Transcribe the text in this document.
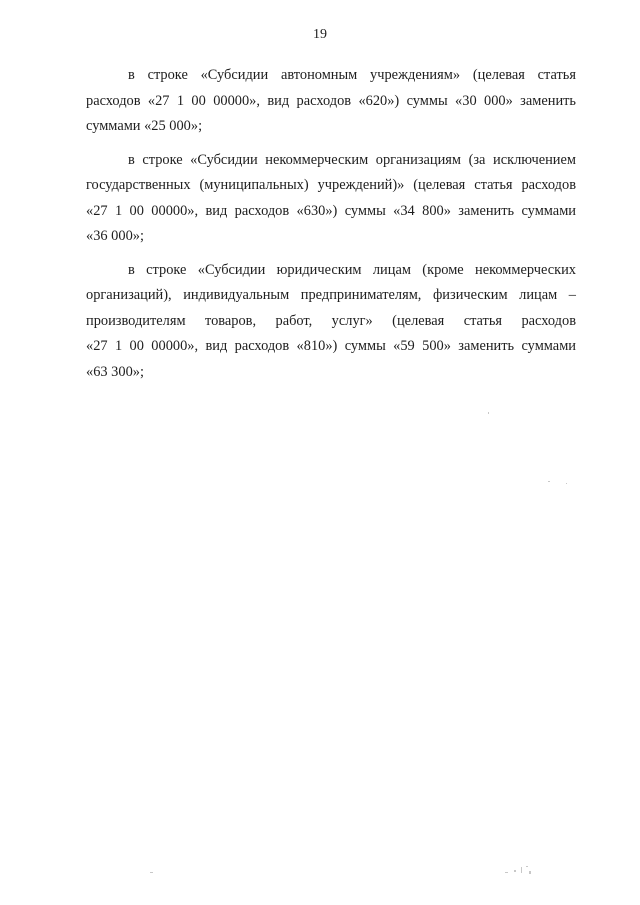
19

в строке «Субсидии автономным учреждениям» (целевая статья
расходов «27 1 00 00000», вид расходов «620») суммы «30 000» заменить
суммами «25 000»;

в строке «Субсидии некоммерческим организациям (за исключением
государственных (муниципальных) учреждений)» (целевая статья расходов
«27 1 00 00000», вид расходов «630») суммы «34 800» заменить суммами
«36 000»;

в строке «Субсидии юридическим лицам (кроме некоммерческих
организаций), индивидуальным предпринимателям, физическим лицам –
производителям товаров, работ, услуг» (целевая статья расходов
«27 1 00 00000», вид расходов «810») суммы «59 500» заменить суммами
«63 300»;
